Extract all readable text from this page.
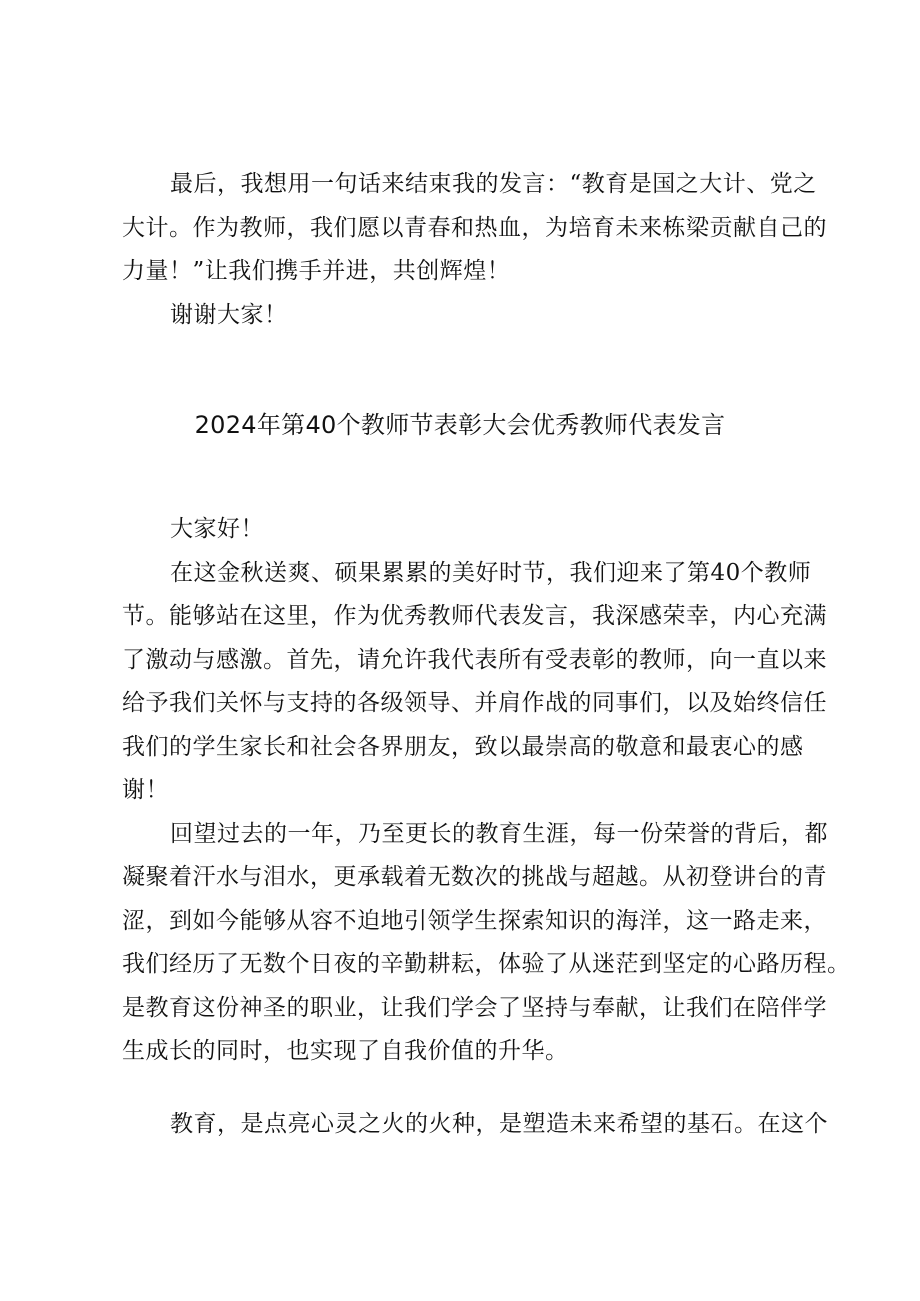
最后，我想用一句话来结束我的发言：“教育是国之大计、党之
大计。作为教师，我们愿以青春和热血，为培育未来栋梁贡献自己的
力量！”让我们携手并进，共创辉煌！
谢谢大家！
2024年第40个教师节表彰大会优秀教师代表发言
大家好！
在这金秋送爽、硕果累累的美好时节，我们迎来了第40个教师
节。能够站在这里，作为优秀教师代表发言，我深感荣幸，内心充满
了激动与感激。首先，请允许我代表所有受表彰的教师，向一直以来
给予我们关怀与支持的各级领导、并肩作战的同事们，以及始终信任
我们的学生家长和社会各界朋友，致以最崇高的敬意和最衷心的感
谢！
回望过去的一年，乃至更长的教育生涯，每一份荣誉的背后，都
凝聚着汗水与泪水，更承载着无数次的挑战与超越。从初登讲台的青
涩，到如今能够从容不迫地引领学生探索知识的海洋，这一路走来，
我们经历了无数个日夜的辛勤耕耘，体验了从迷茫到坚定的心路历程。
是教育这份神圣的职业，让我们学会了坚持与奉献，让我们在陪伴学
生成长的同时，也实现了自我价值的升华。
教育，是点亮心灵之火的火种，是塑造未来希望的基石。在这个
